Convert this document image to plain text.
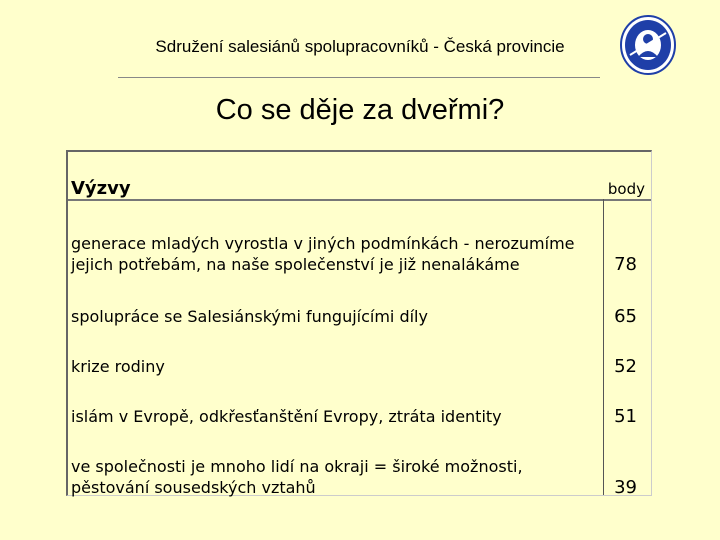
Sdružení salesiánů spolupracovníků - Česká provincie
Co se děje za dveřmi?
Výzvy	body
generace mladých vyrostla v jiných podmínkách - nerozumíme jejich potřebám, na naše společenství je již nenalákáme	78
spolupráce se Salesiánskými fungujícími díly	65
krize rodiny	52
islám v Evropě, odkřesťanštění Evropy, ztráta identity	51
ve společnosti je mnoho lidí na okraji = široké možnosti, pěstování sousedských vztahů	39
